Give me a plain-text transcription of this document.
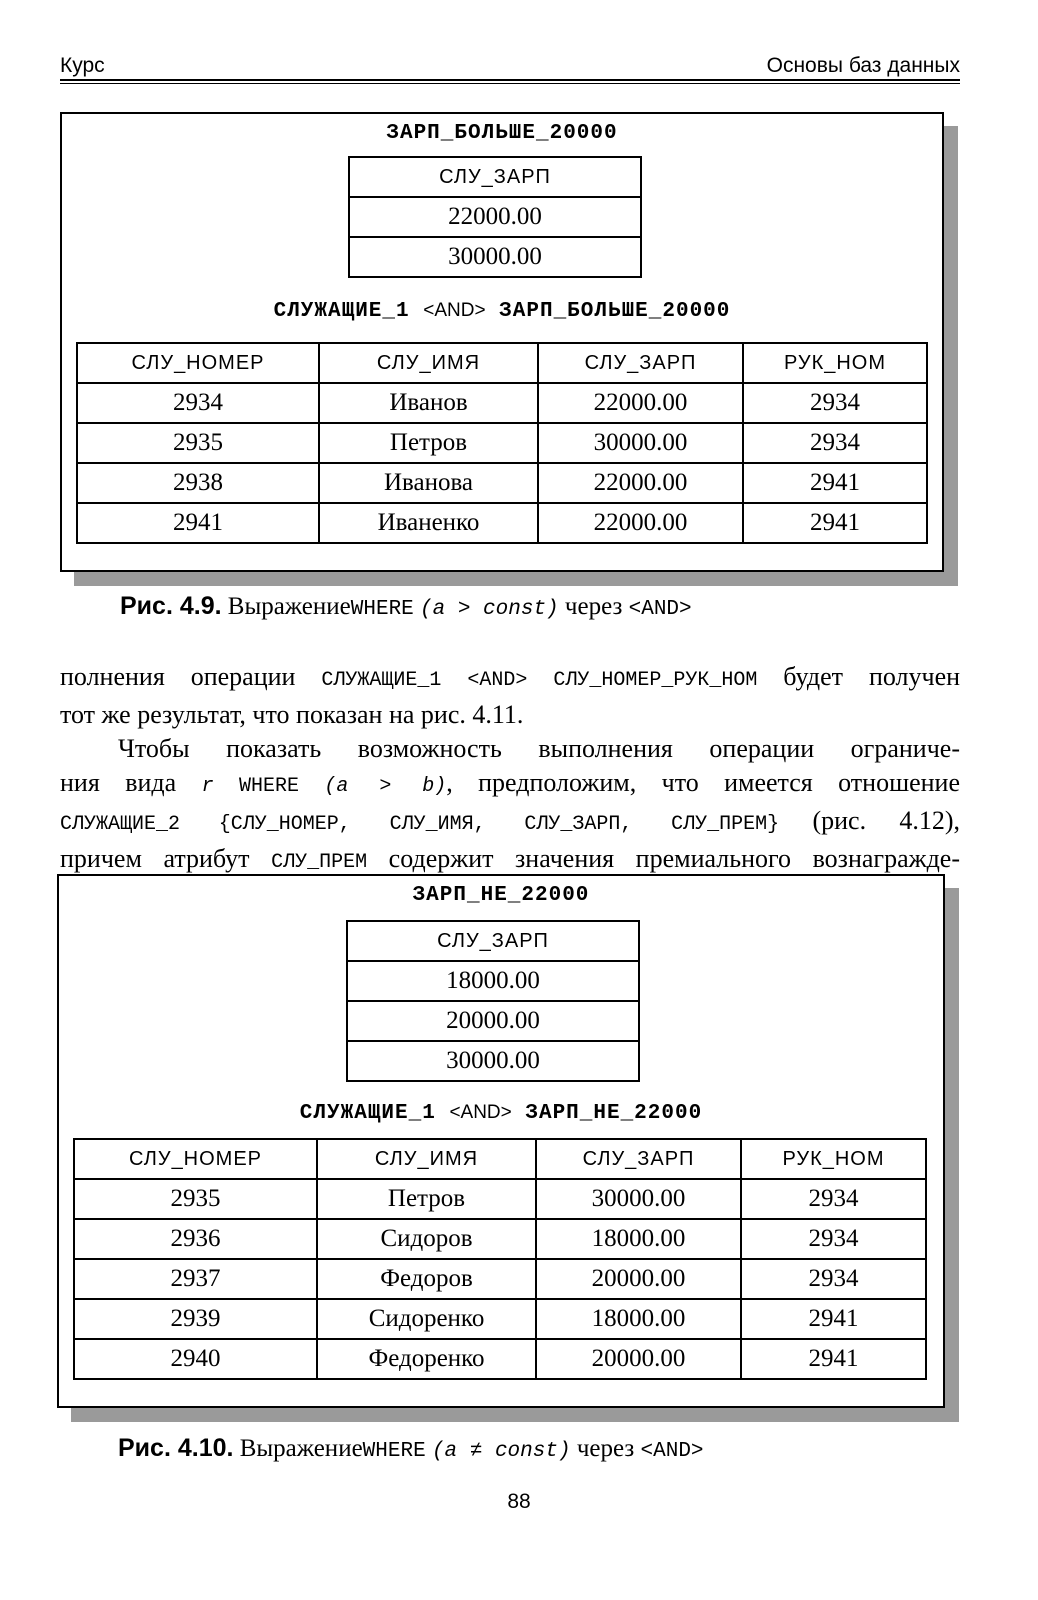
Курс	Основы баз данных
ЗАРП_БОЛЬШЕ_20000
СЛУ_ЗАРП
22000.00
30000.00
СЛУЖАЩИЕ_1 <AND> ЗАРП_БОЛЬШЕ_20000
СЛУ_НОМЕР	СЛУ_ИМЯ	СЛУ_ЗАРП	РУК_НОМ
2934	Иванов	22000.00	2934
2935	Петров	30000.00	2934
2938	Иванова	22000.00	2941
2941	Иваненко	22000.00	2941
Рис. 4.9. ВыражениеWHERE (a > const) через <AND>

полнения операции СЛУЖАЩИЕ_1 <AND> СЛУ_НОМЕР_РУК_НОМ будет получен

тот же результат, что показан на рис. 4.11.

Чтобы показать возможность выполнения операции ограниче-

ния вида r WHERE (a > b), предположим, что имеется отношение

СЛУЖАЩИЕ_2 {СЛУ_НОМЕР, СЛУ_ИМЯ, СЛУ_ЗАРП, СЛУ_ПРЕМ} (рис. 4.12),

причем атрибут СЛУ_ПРЕМ содержит значения премиального вознагражде-

ЗАРП_НЕ_22000
СЛУ_ЗАРП
18000.00
20000.00
30000.00
СЛУЖАЩИЕ_1 <AND> ЗАРП_НЕ_22000
СЛУ_НОМЕР	СЛУ_ИМЯ	СЛУ_ЗАРП	РУК_НОМ
2935	Петров	30000.00	2934
2936	Сидоров	18000.00	2934
2937	Федоров	20000.00	2934
2939	Сидоренко	18000.00	2941
2940	Федоренко	20000.00	2941
Рис. 4.10. ВыражениеWHERE (a ≠ const) через <AND>
88
